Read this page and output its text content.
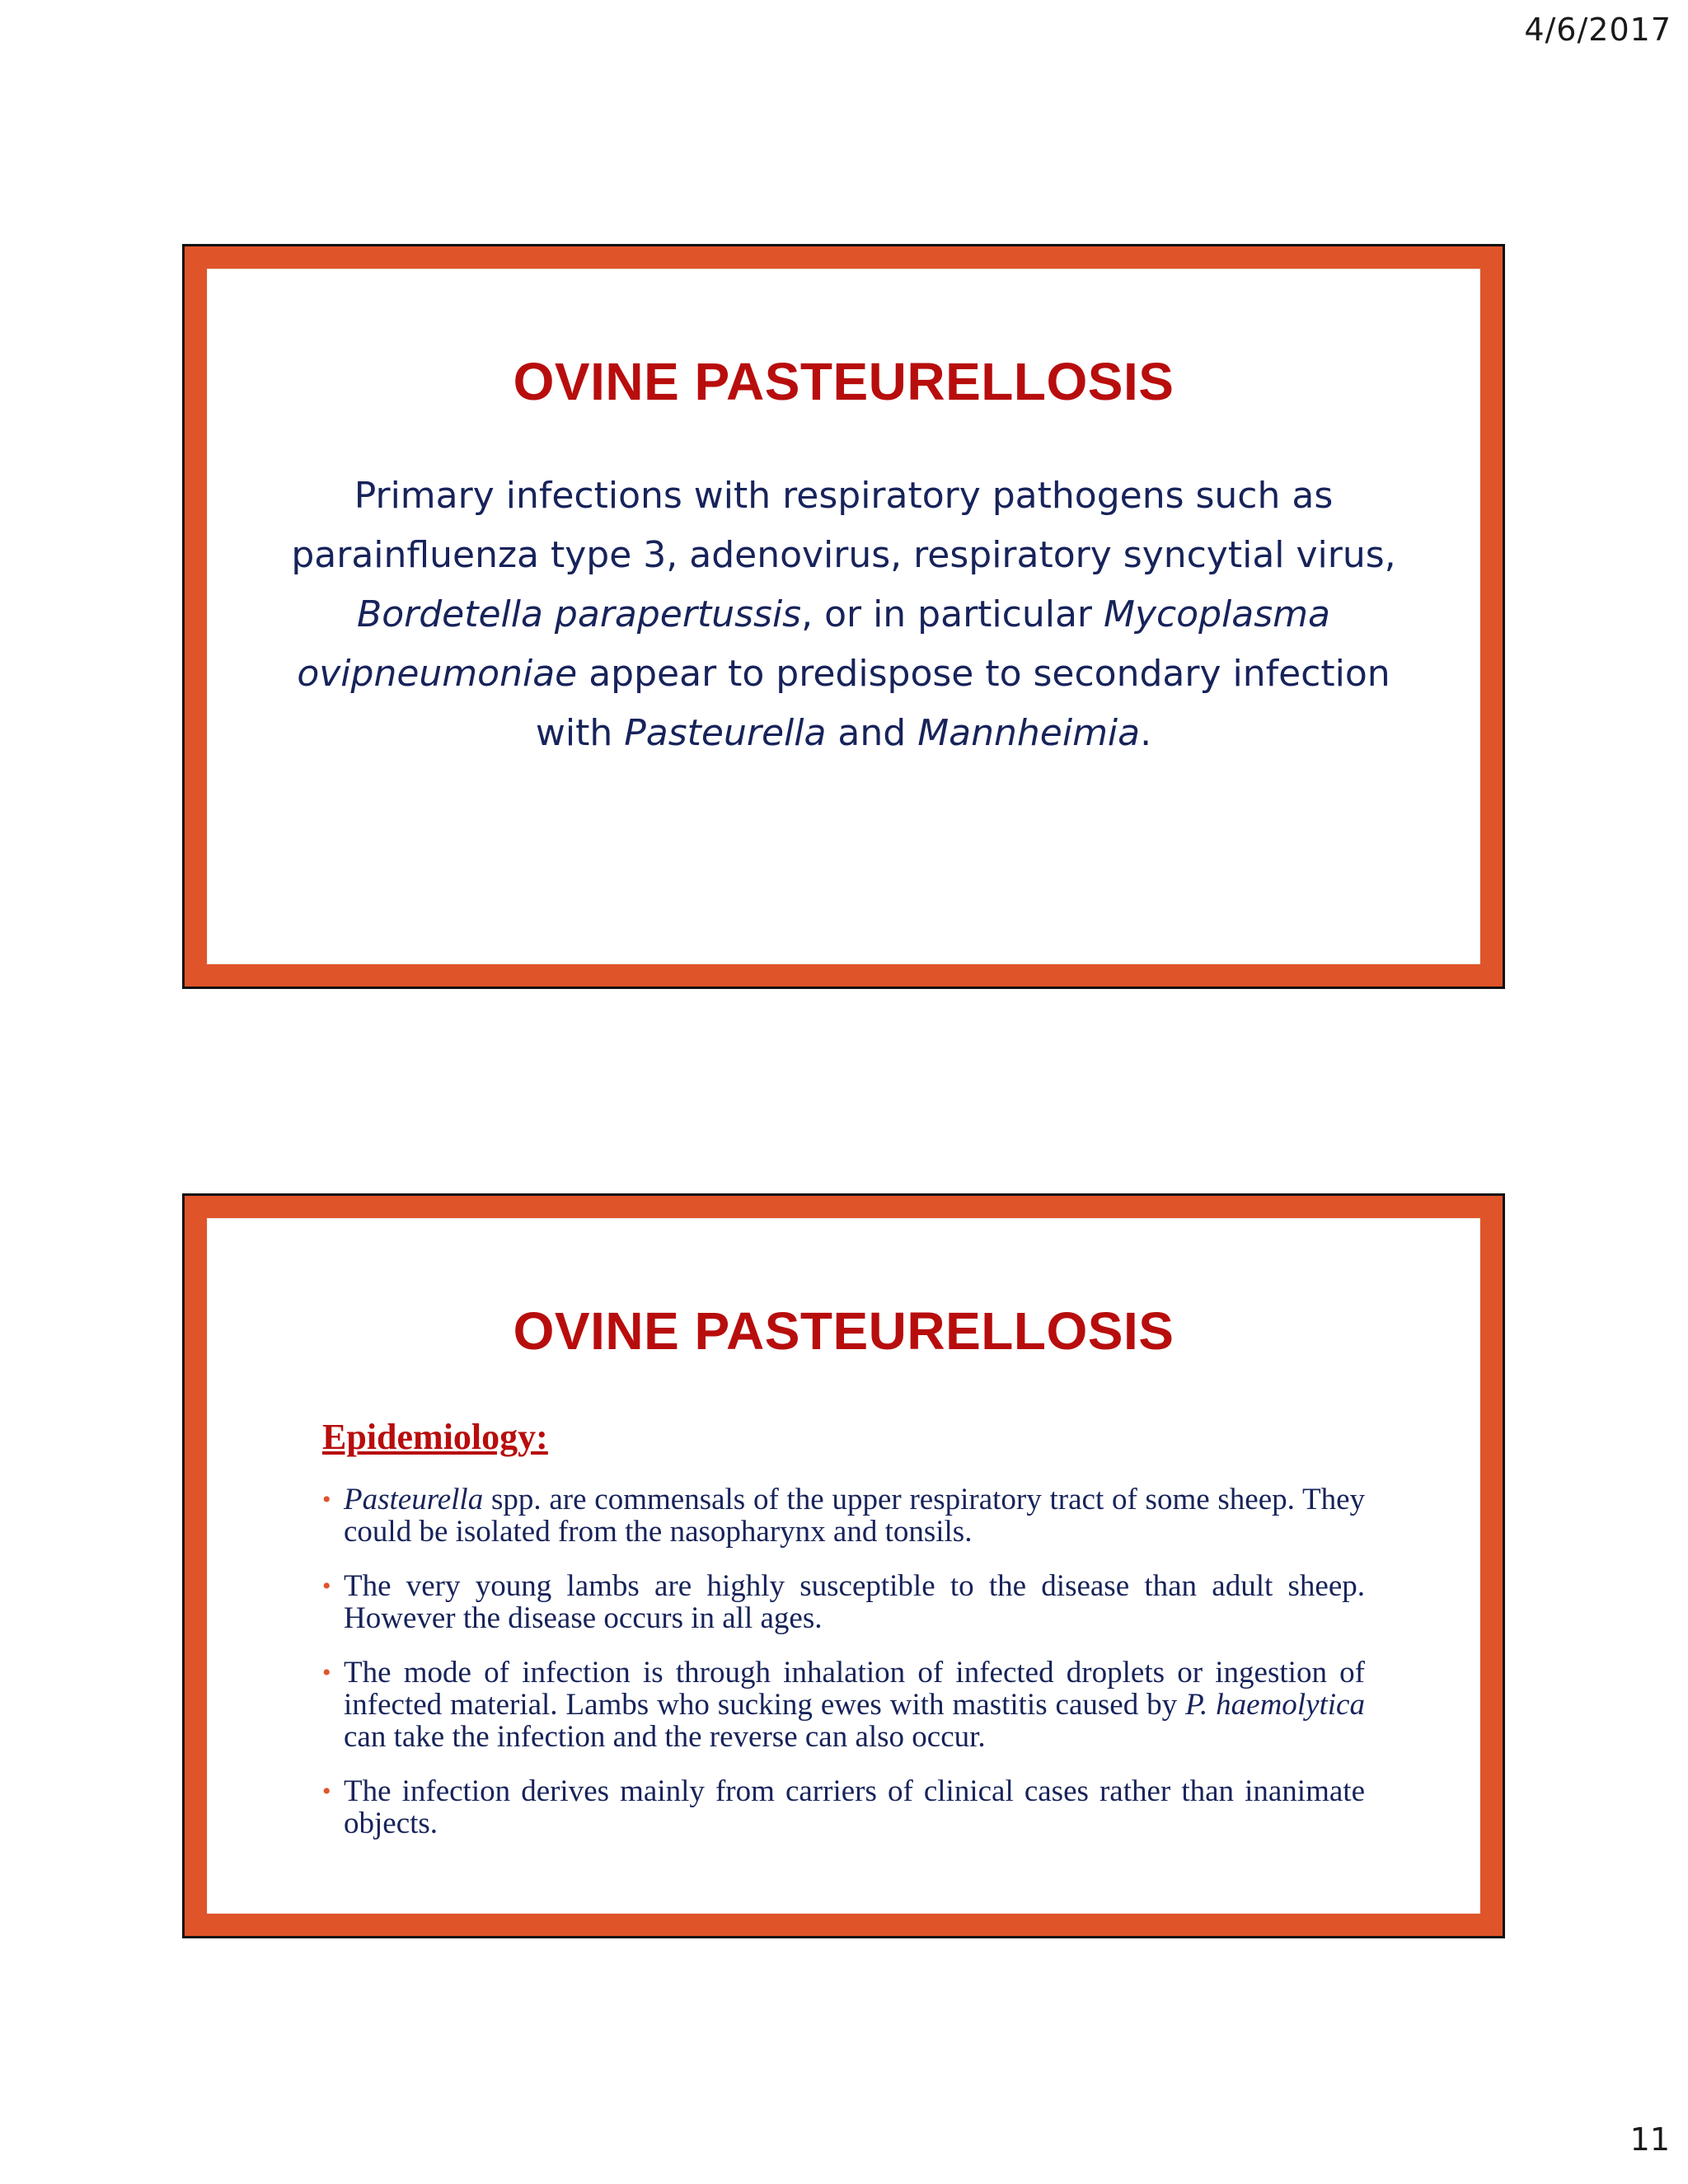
4/6/2017
OVINE PASTEURELLOSIS

Primary infections with respiratory pathogens such as parainfluenza type 3, adenovirus, respiratory syncytial virus, Bordetella parapertussis, or in particular Mycoplasma ovipneumoniae appear to predispose to secondary infection with Pasteurella and Mannheimia.

OVINE PASTEURELLOSIS
Epidemiology:
• Pasteurella spp. are commensals of the upper respiratory tract of some sheep. They could be isolated from the nasopharynx and tonsils.
• The very young lambs are highly susceptible to the disease than adult sheep. However the disease occurs in all ages.
• The mode of infection is through inhalation of infected droplets or ingestion of infected material. Lambs who sucking ewes with mastitis caused by P. haemolytica can take the infection and the reverse can also occur.
• The infection derives mainly from carriers of clinical cases rather than inanimate objects.
11
